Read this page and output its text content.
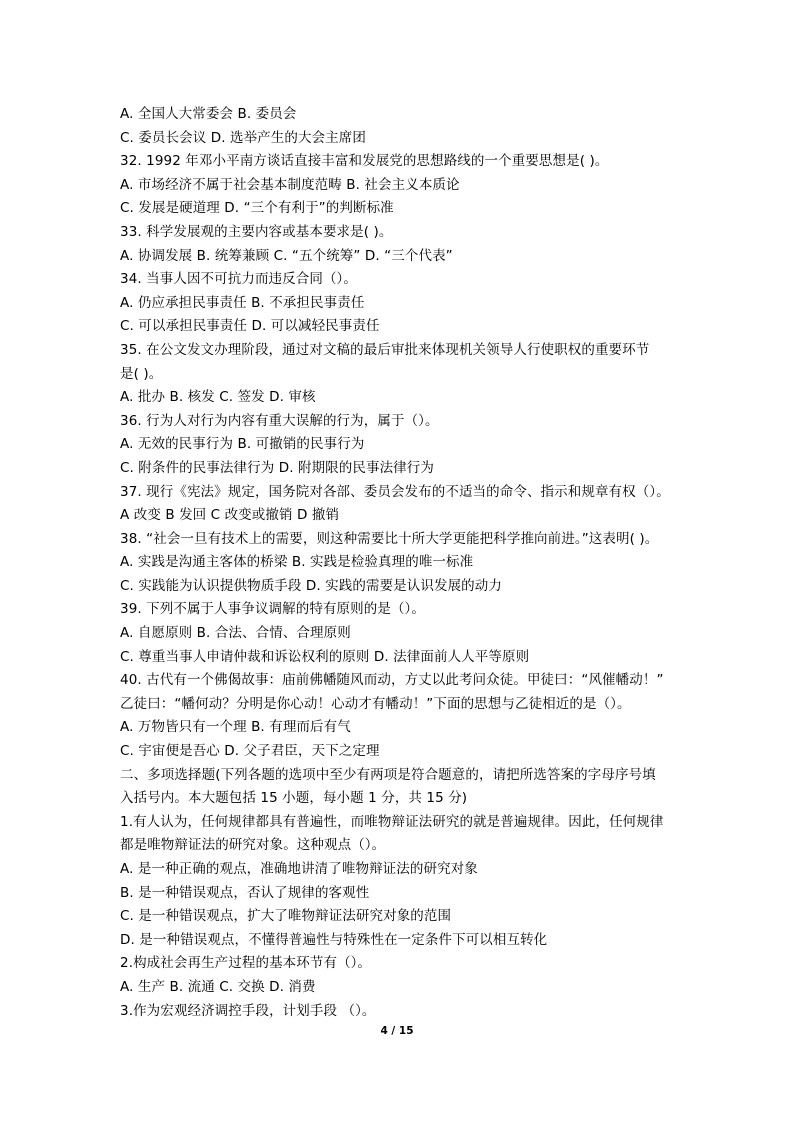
A. 全国人大常委会 B. 委员会
C. 委员长会议 D. 选举产生的大会主席团
32. 1992 年邓小平南方谈话直接丰富和发展党的思想路线的一个重要思想是( )。
A. 市场经济不属于社会基本制度范畴 B. 社会主义本质论
C. 发展是硬道理 D. “三个有利于”的判断标准
33. 科学发展观的主要内容或基本要求是( )。
A. 协调发展 B. 统筹兼顾 C. “五个统筹” D. “三个代表”
34. 当事人因不可抗力而违反合同（）。
A. 仍应承担民事责任 B. 不承担民事责任
C. 可以承担民事责任 D. 可以减轻民事责任
35. 在公文发文办理阶段，通过对文稿的最后审批来体现机关领导人行使职权的重要环节
是( )。
A. 批办 B. 核发 C. 签发 D. 审核
36. 行为人对行为内容有重大误解的行为，属于（）。
A. 无效的民事行为 B. 可撤销的民事行为
C. 附条件的民事法律行为 D. 附期限的民事法律行为
37. 现行《宪法》规定，国务院对各部、委员会发布的不适当的命令、指示和规章有权（）。
A 改变 B 发回 C 改变或撤销 D 撤销
38. “社会一旦有技术上的需要，则这种需要比十所大学更能把科学推向前进。”这表明( )。
A. 实践是沟通主客体的桥梁 B. 实践是检验真理的唯一标准
C. 实践能为认识提供物质手段 D. 实践的需要是认识发展的动力
39. 下列不属于人事争议调解的特有原则的是（）。
A. 自愿原则 B. 合法、合情、合理原则
C. 尊重当事人申请仲裁和诉讼权利的原则 D. 法律面前人人平等原则
40. 古代有一个佛偈故事：庙前佛幡随风而动，方丈以此考问众徒。甲徒曰：“风催幡动！”
乙徒曰：“幡何动？分明是你心动！心动才有幡动！”下面的思想与乙徒相近的是（）。
A. 万物皆只有一个理 B. 有理而后有气
C. 宇宙便是吾心 D. 父子君臣，天下之定理
二、多项选择题(下列各题的选项中至少有两项是符合题意的，请把所选答案的字母序号填
入括号内。本大题包括 15 小题，每小题 1 分，共 15 分)
1.有人认为，任何规律都具有普遍性，而唯物辩证法研究的就是普遍规律。因此，任何规律
都是唯物辩证法的研究对象。这种观点（）。
A. 是一种正确的观点，准确地讲清了唯物辩证法的研究对象
B. 是一种错误观点，否认了规律的客观性
C. 是一种错误观点，扩大了唯物辩证法研究对象的范围
D. 是一种错误观点，不懂得普遍性与特殊性在一定条件下可以相互转化
2.构成社会再生产过程的基本环节有（）。
A. 生产 B. 流通 C. 交换 D. 消费
3.作为宏观经济调控手段，计划手段 （）。
4 / 15
